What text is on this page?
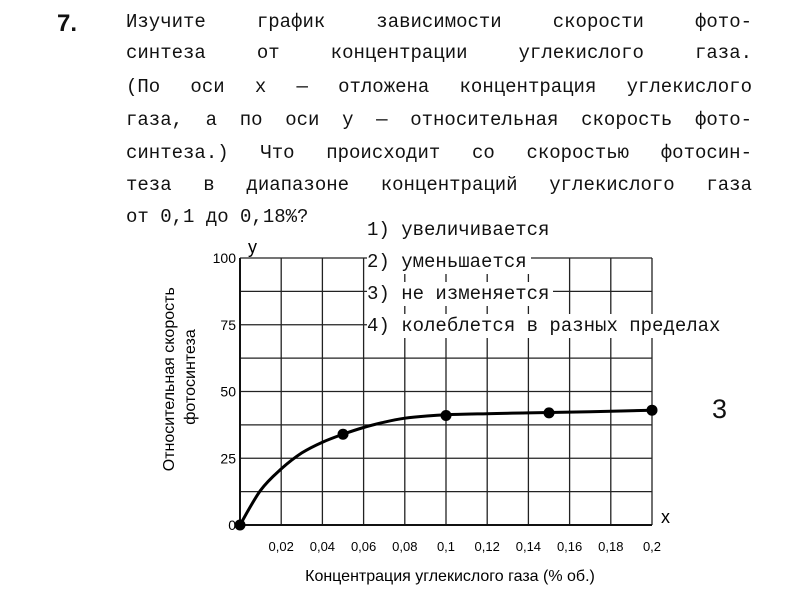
7.	Изучите график зависимости скорости фото-
синтеза от концентрации углекислого газа.
(По оси x — отложена концентрация углекислого
газа, а по оси y — относительная скорость фото-
синтеза.) Что происходит со скоростью фотосин-
теза в диапазоне концентраций углекислого газа
от 0,1 до 0,18%?
0,02 0,04 0,06 0,08 0,1 0,12 0,14 0,16 0,18 0,2
0
25
50
75
100
Концентрация углекислого газа (% об.)
Относительная скорость фотосинтеза
x
y
1) увеличивается
2) уменьшается
3) не изменяется
4) колеблется в разных пределах
3
